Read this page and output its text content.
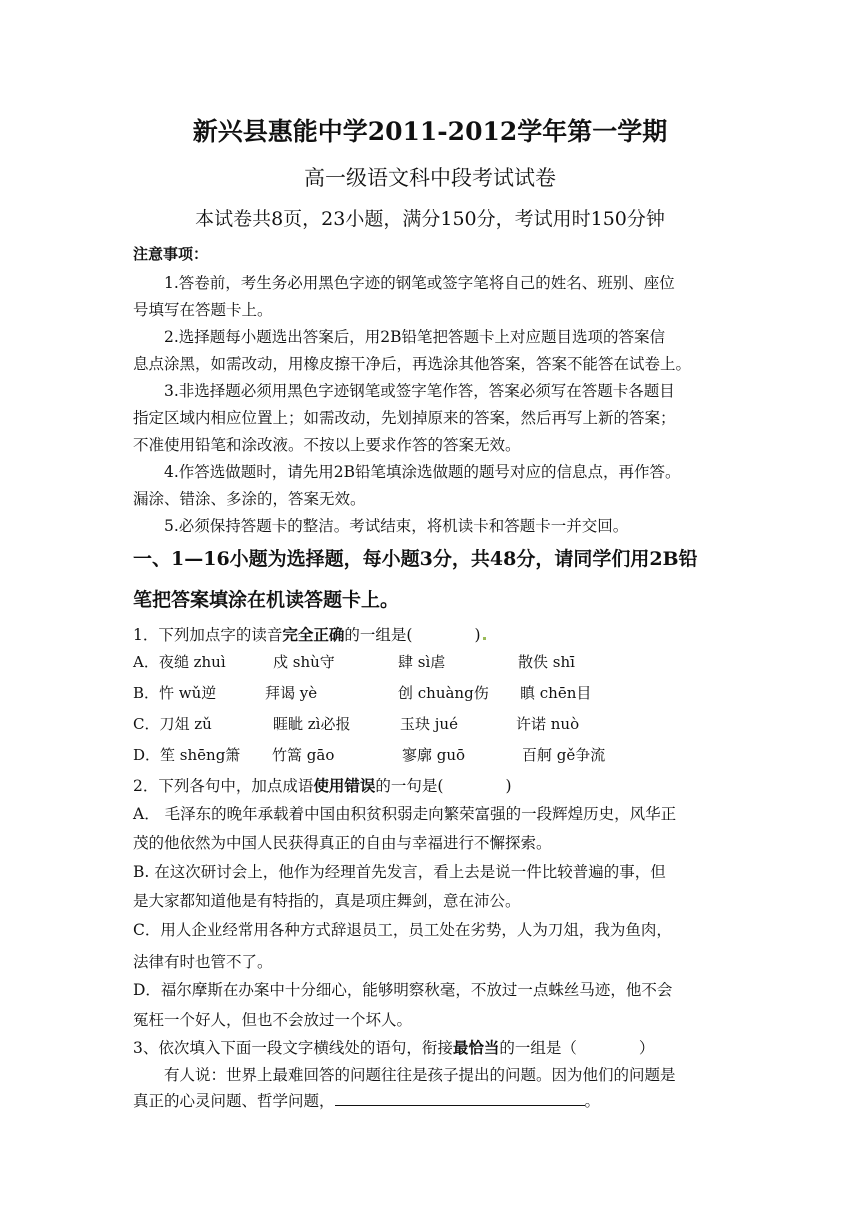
新兴县惠能中学2011-2012学年第一学期
高一级语文科中段考试试卷
本试卷共8页，23小题，满分150分，考试用时150分钟
注意事项：
1.答卷前，考生务必用黑色字迹的钢笔或签字笔将自己的姓名、班别、座位
号填写在答题卡上。
2.选择题每小题选出答案后，用2B铅笔把答题卡上对应题目选项的答案信
息点涂黑，如需改动，用橡皮擦干净后，再选涂其他答案，答案不能答在试卷上。
3.非选择题必须用黑色字迹钢笔或签字笔作答，答案必须写在答题卡各题目
指定区域内相应位置上；如需改动，先划掉原来的答案，然后再写上新的答案；
不准使用铅笔和涂改液。不按以上要求作答的答案无效。
4.作答选做题时，请先用2B铅笔填涂选做题的题号对应的信息点，再作答。
漏涂、错涂、多涂的，答案无效。
5.必须保持答题卡的整洁。考试结束，将机读卡和答题卡一并交回。
一、1—16小题为选择题，每小题3分，共48分，请同学们用2B铅
笔把答案填涂在机读答题卡上。
1．下列加点字的读音完全正确的一组是(　　　　)
A．夜缒 zhuì	戍 shù守	肆 sì虐	散佚 shī
B．忤 wǔ逆	拜谒 yè	创 chuàng伤 瞋 chēn目
C．刀俎 zǔ	睚眦 zì必报	玉玦 jué	许诺 nuò
D．笙 shēng箫 竹篙 gāo	寥廓 guō	百舸 gě争流
2．下列各句中，加点成语使用错误的一句是(　　　　)
A． 毛泽东的晚年承载着中国由积贫积弱走向繁荣富强的一段辉煌历史，风华正
茂的他依然为中国人民获得真正的自由与幸福进行不懈探索。
B. 在这次研讨会上，他作为经理首先发言，看上去是说一件比较普遍的事，但
是大家都知道他是有特指的，真是项庄舞剑，意在沛公。
C．用人企业经常用各种方式辞退员工，员工处在劣势，人为刀俎，我为鱼肉，
法律有时也管不了。
D．福尔摩斯在办案中十分细心，能够明察秋毫，不放过一点蛛丝马迹，他不会
冤枉一个好人，但也不会放过一个坏人。
3、依次填入下面一段文字横线处的语句，衔接最恰当的一组是（　　　　）
有人说：世界上最难回答的问题往往是孩子提出的问题。因为他们的问题是
真正的心灵问题、哲学问题，	。
